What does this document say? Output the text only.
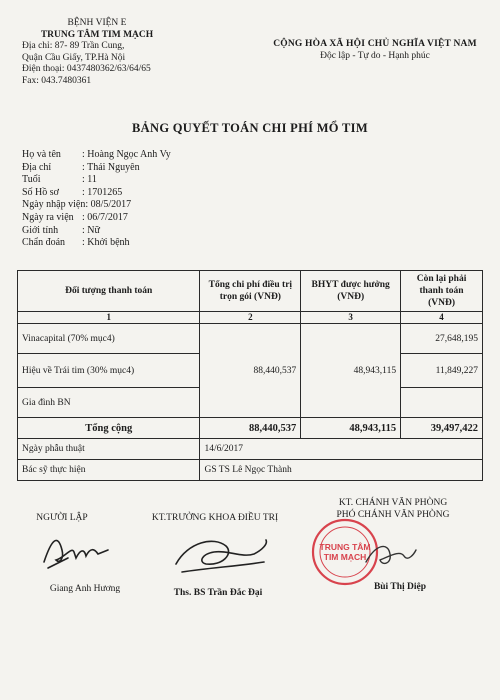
BỆNH VIỆN E
TRUNG TÂM TIM MẠCH
Địa chỉ: 87- 89 Trần Cung,
Quận Cầu Giấy, TP.Hà Nội
Điện thoại: 0437480362/63/64/65
Fax: 043.7480361
CỘNG HÒA XÃ HỘI CHỦ NGHĨA VIỆT NAM
Độc lập - Tự do - Hạnh phúc
BẢNG QUYẾT TOÁN CHI PHÍ MỔ TIM
Họ và tên	: Hoàng Ngọc Anh Vy
Địa chỉ	: Thái Nguyên
Tuổi	: 11
Số Hồ sơ	: 1701265
Ngày nhập viện: 08/5/2017
Ngày ra viện : 06/7/2017
Giới tính	: Nữ
Chẩn đoán	: Khởi bệnh
Đối tượng thanh toán	Tổng chi phí điều trị trọn gói (VNĐ)	BHYT được hưởng (VNĐ)	Còn lại phải thanh toán (VNĐ)
1	2	3	4
Vinacapital (70% mục4)	88,440,537	48,943,115	27,648,195
Hiệu về Trái tim (30% mục4)			11,849,227
Gia đình BN			
Tổng cộng	88,440,537	48,943,115	39,497,422
Ngày phẫu thuật	14/6/2017		
Bác sỹ thực hiện	GS TS Lê Ngọc Thành		
NGƯỜI LẬP
Giang Anh Hương
KT.TRƯỞNG KHOA ĐIỀU TRỊ
Ths. BS Trần Đắc Đại
KT. CHÁNH VĂN PHÒNG
PHÓ CHÁNH VĂN PHÒNG
TRUNG TÂM
TIM MẠCH
Bùi Thị Diệp
